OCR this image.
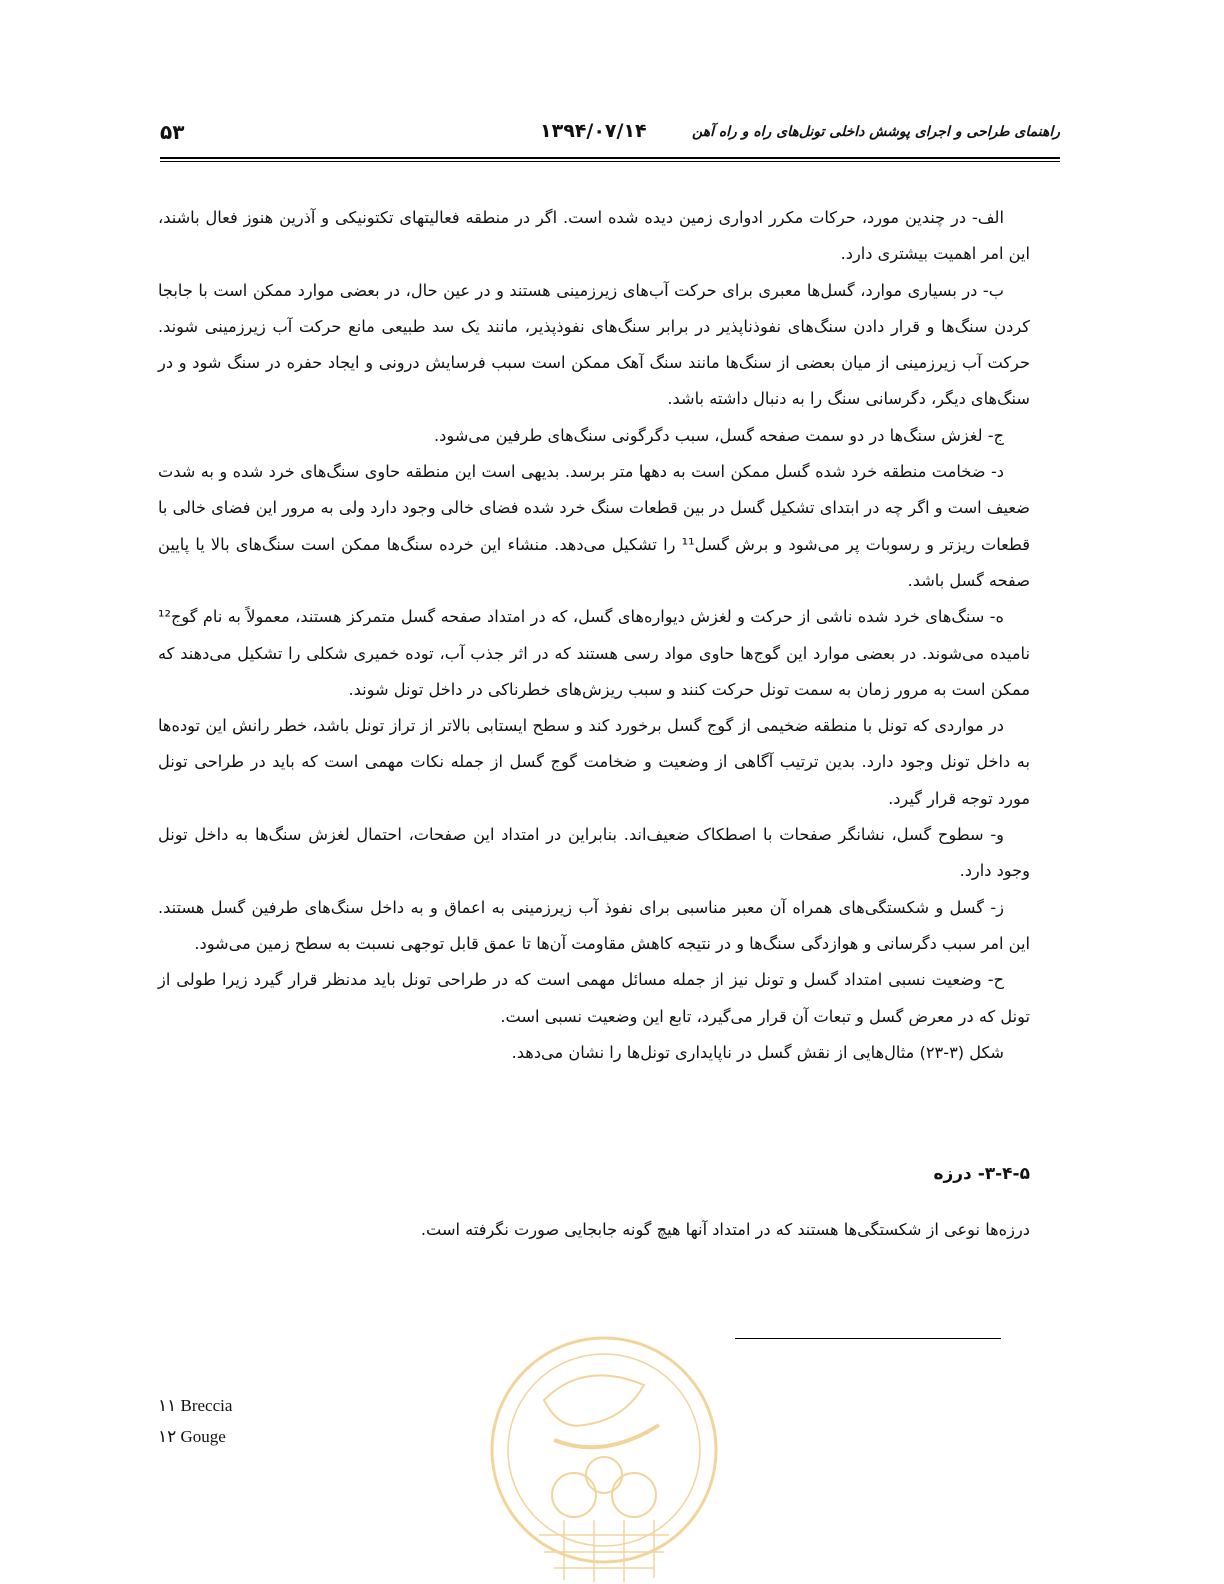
راهنمای طراحی و اجرای پوشش داخلی تونل‌های راه و راه آهن
۱۳۹۴/۰۷/۱۴
۵۳

الف- در چندین مورد، حرکات مکرر ادواری زمین دیده شده است. اگر در منطقه فعالیتهای تکتونیکی و آذرین هنوز فعال باشند، این امر اهمیت بیشتری دارد.

ب- در بسیاری موارد، گسل‌ها معبری برای حرکت آب‌های زیرزمینی هستند و در عین حال، در بعضی موارد ممکن است با جابجا کردن سنگ‌ها و قرار دادن سنگ‌های نفوذناپذیر در برابر سنگ‌های نفوذپذیر، مانند یک سد طبیعی مانع حرکت آب زیرزمینی شوند. حرکت آب زیرزمینی از میان بعضی از سنگ‌ها مانند سنگ آهک ممکن است سبب فرسایش درونی و ایجاد حفره در سنگ شود و در سنگ‌های دیگر، دگرسانی سنگ را به دنبال داشته باشد.

ج- لغزش سنگ‌ها در دو سمت صفحه گسل، سبب دگرگونی سنگ‌های طرفین می‌شود.

د- ضخامت منطقه خرد شده گسل ممکن است به دهها متر برسد. بدیهی است این منطقه حاوی سنگ‌های خرد شده و به شدت ضعیف است و اگر چه در ابتدای تشکیل گسل در بین قطعات سنگ خرد شده فضای خالی وجود دارد ولی به مرور این فضای خالی با قطعات ریزتر و رسوبات پر می‌شود و برش گسل¹¹ را تشکیل می‌دهد. منشاء این خرده سنگ‌ها ممکن است سنگ‌های بالا یا پایین صفحه گسل باشد.

ه- سنگ‌های خرد شده ناشی از حرکت و لغزش دیواره‌های گسل، که در امتداد صفحه گسل متمرکز هستند، معمولاً به نام گوج¹² نامیده می‌شوند. در بعضی موارد این گوج‌ها حاوی مواد رسی هستند که در اثر جذب آب، توده خمیری شکلی را تشکیل می‌دهند که ممکن است به مرور زمان به سمت تونل حرکت کنند و سبب ریزش‌های خطرناکی در داخل تونل شوند.

در مواردی که تونل با منطقه ضخیمی از گوج گسل برخورد کند و سطح ایستابی بالاتر از تراز تونل باشد، خطر رانش این توده‌ها به داخل تونل وجود دارد. بدین ترتیب آگاهی از وضعیت و ضخامت گوج گسل از جمله نکات مهمی است که باید در طراحی تونل مورد توجه قرار گیرد.

و- سطوح گسل، نشانگر صفحات با اصطکاک ضعیف‌اند. بنابراین در امتداد این صفحات، احتمال لغزش سنگ‌ها به داخل تونل وجود دارد.

ز- گسل و شکستگی‌های همراه آن معبر مناسبی برای نفوذ آب زیرزمینی به اعماق و به داخل سنگ‌های طرفین گسل هستند. این امر سبب دگرسانی و هوازدگی سنگ‌ها و در نتیجه کاهش مقاومت آن‌ها تا عمق قابل توجهی نسبت به سطح زمین می‌شود.

ح- وضعیت نسبی امتداد گسل و تونل نیز از جمله مسائل مهمی است که در طراحی تونل باید مدنظر قرار گیرد زیرا طولی از تونل که در معرض گسل و تبعات آن قرار می‌گیرد، تابع این وضعیت نسبی است.

شکل (۳-۲۳) مثال‌هایی از نقش گسل در ناپایداری تونل‌ها را نشان می‌دهد.

۳-۴-۵- درزه
درزه‌ها نوعی از شکستگی‌ها هستند که در امتداد آنها هیچ گونه جابجایی صورت نگرفته است.
۱۱ Breccia
۱۲ Gouge
